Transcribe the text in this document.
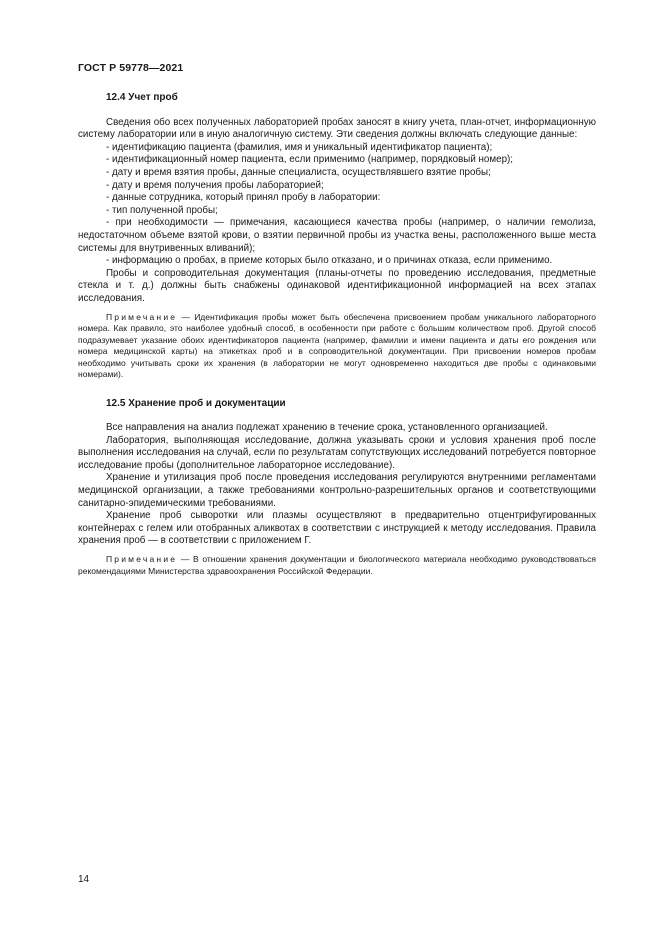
ГОСТ Р 59778—2021
12.4 Учет проб

Сведения обо всех полученных лабораторией пробах заносят в книгу учета, план-отчет, информационную систему лаборатории или в иную аналогичную систему. Эти сведения должны включать следующие данные:

- идентификацию пациента (фамилия, имя и уникальный идентификатор пациента);
- идентификационный номер пациента, если применимо (например, порядковый номер);
- дату и время взятия пробы, данные специалиста, осуществлявшего взятие пробы;
- дату и время получения пробы лабораторией;
- данные сотрудника, который принял пробу в лаборатории:
- тип полученной пробы;
- при необходимости — примечания, касающиеся качества пробы (например, о наличии гемолиза, недостаточном объеме взятой крови, о взятии первичной пробы из участка вены, расположенного выше места системы для внутривенных вливаний);
- информацию о пробах, в приеме которых было отказано, и о причинах отказа, если применимо.

Пробы и сопроводительная документация (планы-отчеты по проведению исследования, предметные стекла и т. д.) должны быть снабжены одинаковой идентификационной информацией на всех этапах исследования.

Примечание — Идентификация пробы может быть обеспечена присвоением пробам уникального лабораторного номера. Как правило, это наиболее удобный способ, в особенности при работе с большим количеством проб. Другой способ подразумевает указание обоих идентификаторов пациента (например, фамилии и имени пациента и даты его рождения или номера медицинской карты) на этикетках проб и в сопроводительной документации. При присвоении номеров пробам необходимо учитывать сроки их хранения (в лаборатории не могут одновременно находиться две пробы с одинаковыми номерами).

12.5 Хранение проб и документации

Все направления на анализ подлежат хранению в течение срока, установленного организацией.

Лаборатория, выполняющая исследование, должна указывать сроки и условия хранения проб после выполнения исследования на случай, если по результатам сопутствующих исследований потребуется повторное исследование пробы (дополнительное лабораторное исследование).

Хранение и утилизация проб после проведения исследования регулируются внутренними регламентами медицинской организации, а также требованиями контрольно-разрешительных органов и соответствующими санитарно-эпидемическими требованиями.

Хранение проб сыворотки или плазмы осуществляют в предварительно отцентрифугированных контейнерах с гелем или отобранных аликвотах в соответствии с инструкцией к методу исследования. Правила хранения проб — в соответствии с приложением Г.

Примечание — В отношении хранения документации и биологического материала необходимо руководствоваться рекомендациями Министерства здравоохранения Российской Федерации.

14
